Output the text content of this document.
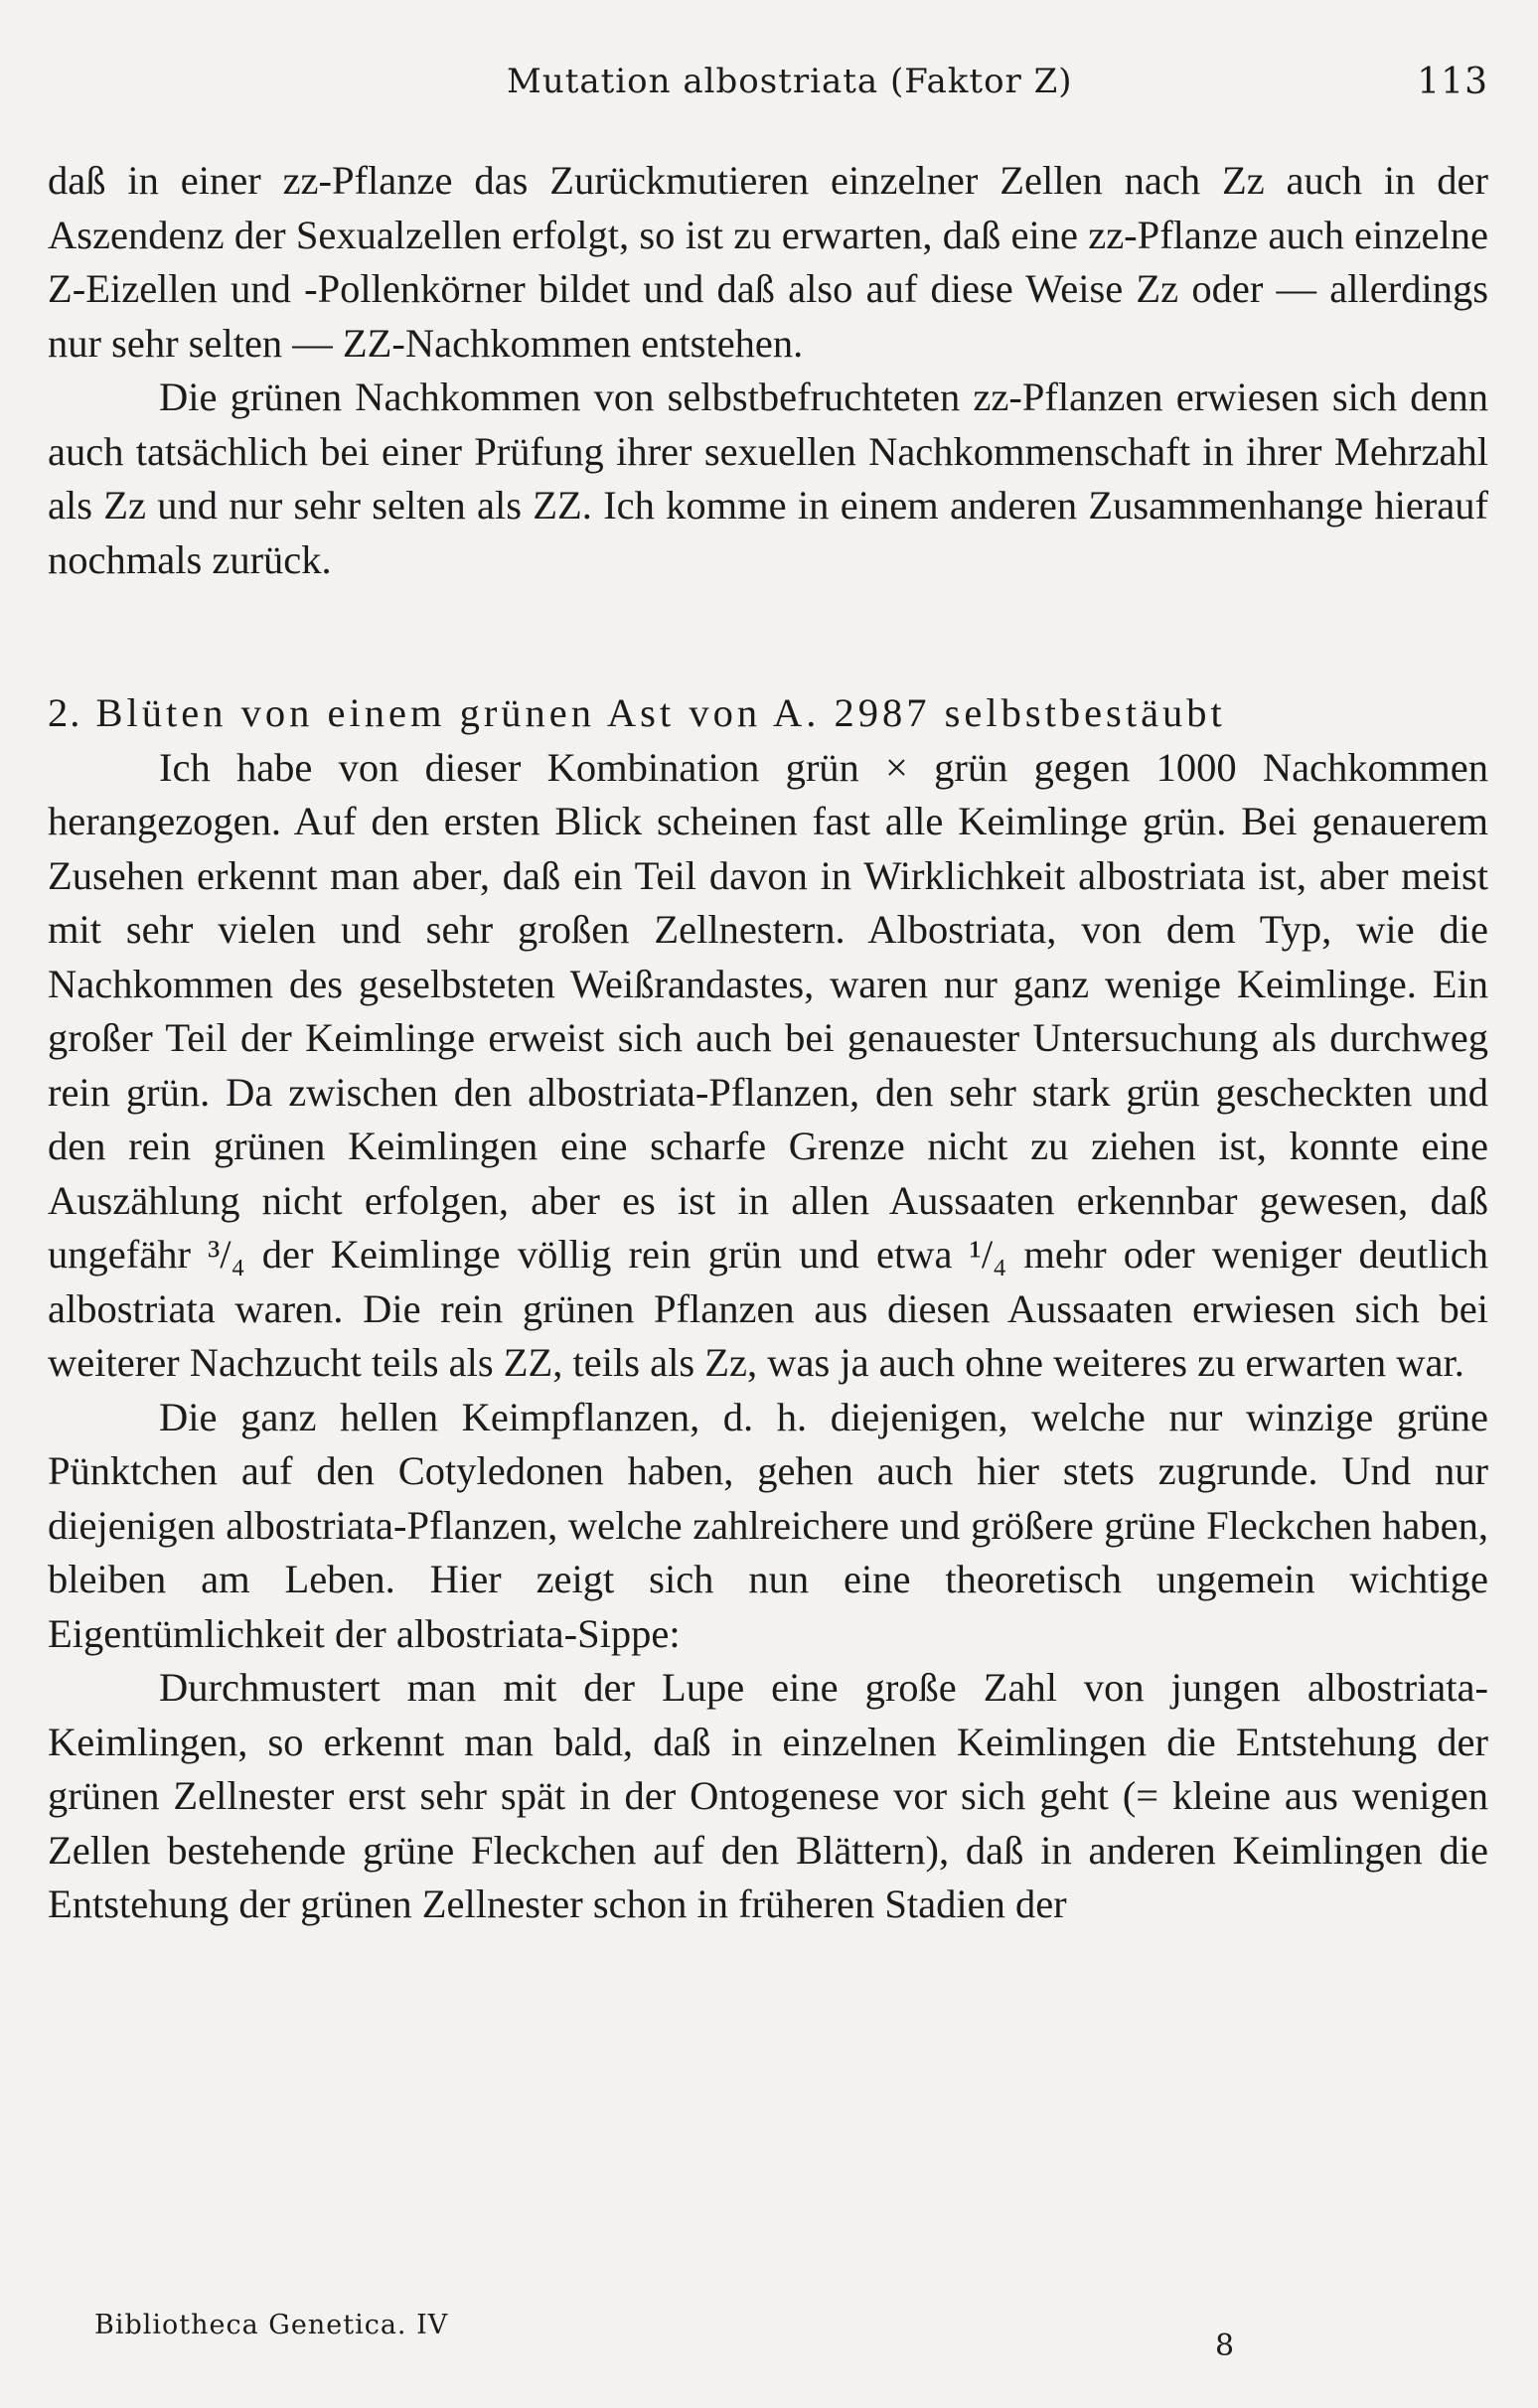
Mutation albostriata (Faktor Z)	113

daß in einer zz-Pflanze das Zurückmutieren einzelner Zellen nach Zz auch in der Aszendenz der Sexualzellen erfolgt, so ist zu erwarten, daß eine zz-Pflanze auch einzelne Z-Eizellen und -Pollenkörner bildet und daß also auf diese Weise Zz oder — allerdings nur sehr selten — ZZ-Nachkommen entstehen.

Die grünen Nachkommen von selbstbefruchteten zz-Pflanzen erwiesen sich denn auch tatsächlich bei einer Prüfung ihrer sexuellen Nachkommenschaft in ihrer Mehrzahl als Zz und nur sehr selten als ZZ. Ich komme in einem anderen Zusammenhange hierauf nochmals zurück.

2. Blüten von einem grünen Ast von A. 2987 selbstbestäubt

Ich habe von dieser Kombination grün × grün gegen 1000 Nachkommen herangezogen. Auf den ersten Blick scheinen fast alle Keimlinge grün. Bei genauerem Zusehen erkennt man aber, daß ein Teil davon in Wirklichkeit albostriata ist, aber meist mit sehr vielen und sehr großen Zellnestern. Albostriata, von dem Typ, wie die Nachkommen des geselbsteten Weißrandastes, waren nur ganz wenige Keimlinge. Ein großer Teil der Keimlinge erweist sich auch bei genauester Untersuchung als durchweg rein grün. Da zwischen den albostriata-Pflanzen, den sehr stark grün gescheckten und den rein grünen Keimlingen eine scharfe Grenze nicht zu ziehen ist, konnte eine Auszählung nicht erfolgen, aber es ist in allen Aussaaten erkennbar gewesen, daß ungefähr ³/₄ der Keimlinge völlig rein grün und etwa ¹/₄ mehr oder weniger deutlich albostriata waren. Die rein grünen Pflanzen aus diesen Aussaaten erwiesen sich bei weiterer Nachzucht teils als ZZ, teils als Zz, was ja auch ohne weiteres zu erwarten war.

Die ganz hellen Keimpflanzen, d. h. diejenigen, welche nur winzige grüne Pünktchen auf den Cotyledonen haben, gehen auch hier stets zugrunde. Und nur diejenigen albostriata-Pflanzen, welche zahlreichere und größere grüne Fleckchen haben, bleiben am Leben. Hier zeigt sich nun eine theoretisch ungemein wichtige Eigentümlichkeit der albostriata-Sippe:

Durchmustert man mit der Lupe eine große Zahl von jungen albostriata-Keimlingen, so erkennt man bald, daß in einzelnen Keimlingen die Entstehung der grünen Zellnester erst sehr spät in der Ontogenese vor sich geht (= kleine aus wenigen Zellen bestehende grüne Fleckchen auf den Blättern), daß in anderen Keimlingen die Entstehung der grünen Zellnester schon in früheren Stadien der

Bibliotheca Genetica. IV
8
